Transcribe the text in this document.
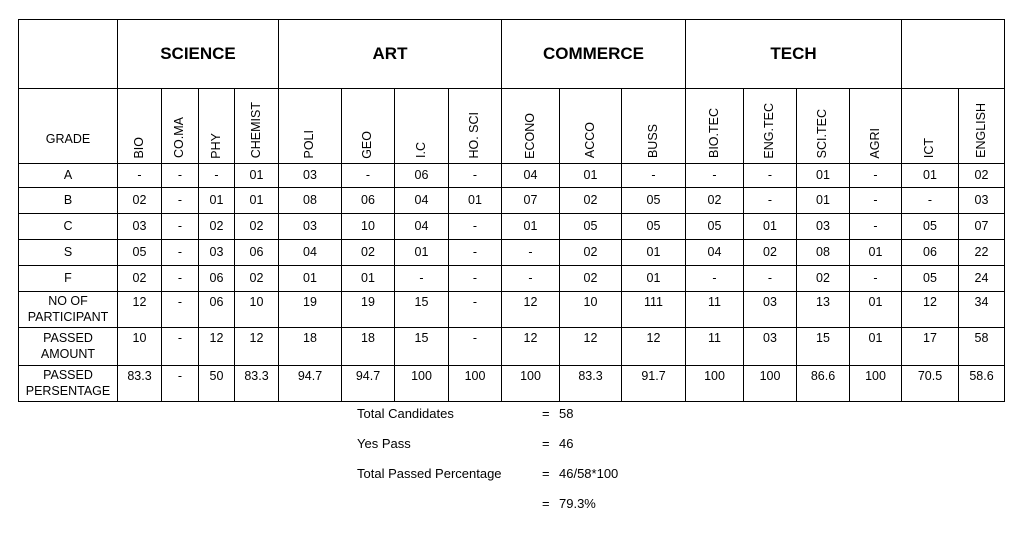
	SCIENCE				ART				COMMERCE			TECH					
GRADE	BIO	CO.MA	PHY	CHEMIST	POLI	GEO	I.C	HO. SCI	ECONO	ACCO	BUSS	BIO.TEC	ENG.TEC	SCI.TEC	AGRI	ICT	ENGLISH
A	-	-	-	01	03	-	06	-	04	01	-	-	-	01	-	01	02
B	02	-	01	01	08	06	04	01	07	02	05	02	-	01	-	-	03
C	03	-	02	02	03	10	04	-	01	05	05	05	01	03	-	05	07
S	05	-	03	06	04	02	01	-	-	02	01	04	02	08	01	06	22
F	02	-	06	02	01	01	-	-	-	02	01	-	-	02	-	05	24

NO OF
PARTICIPANT	12	-	06	10	19	19	15	-	12	10	111	11	03	13	01	12	34

PASSED
AMOUNT	10	-	12	12	18	18	15	-	12	12	12	11	03	15	01	17	58

PASSED
PERSENTAGE	83.3	-	50	83.3	94.7	94.7	100	100	100	83.3	91.7	100	100	86.6	100	70.5	58.6
Total Candidates	= 58
Yes Pass	= 46
Total Passed Percentage	= 46/58*100
= 79.3%
